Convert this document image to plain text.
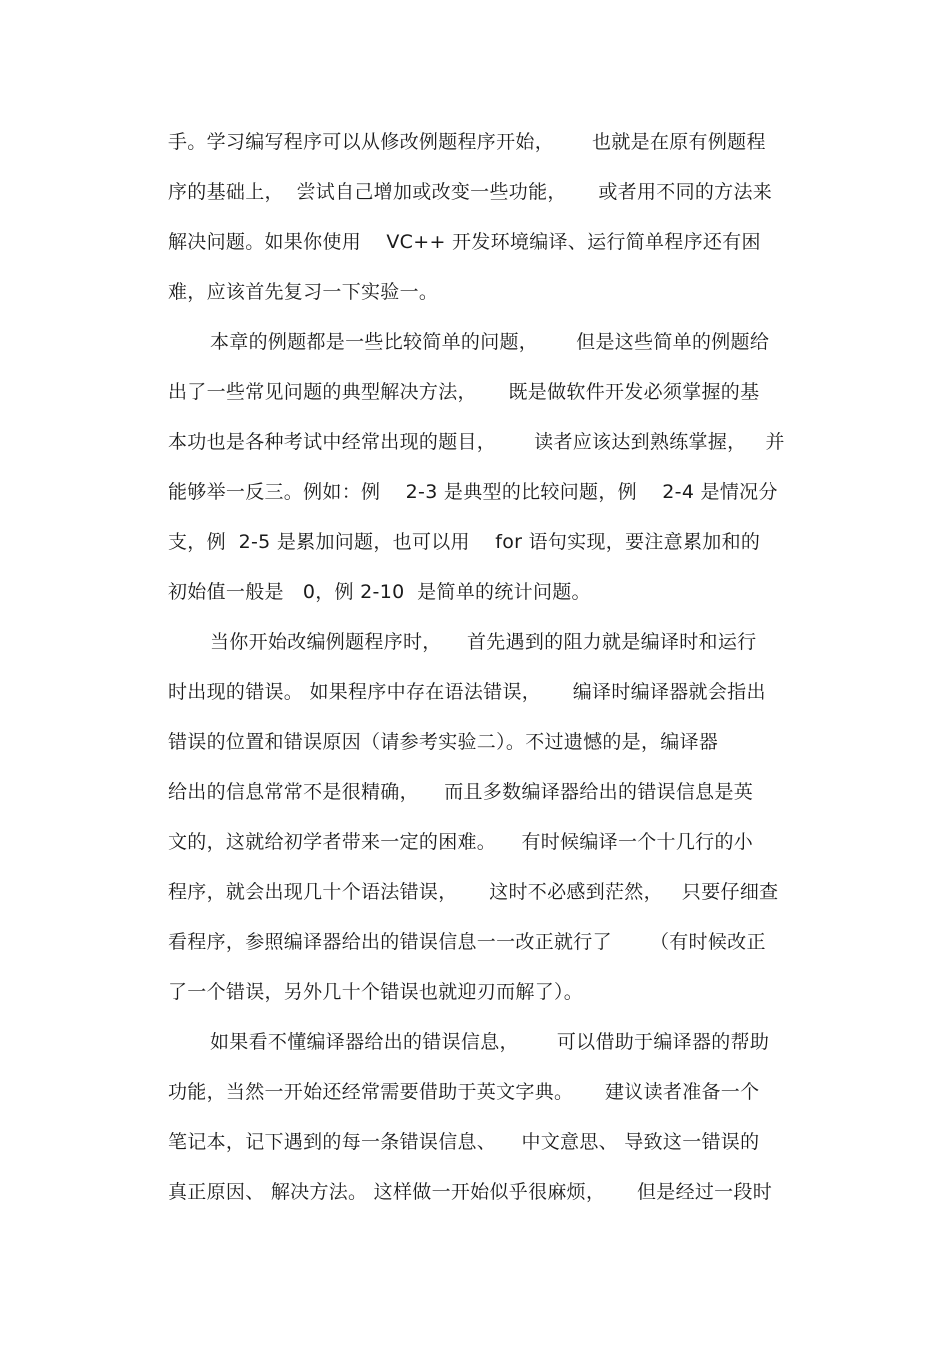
手。学习编写程序可以从修改例题程序开始，      也就是在原有例题程
序的基础上，  尝试自己增加或改变一些功能，     或者用不同的方法来
解决问题。如果你使用    VC++ 开发环境编译、运行简单程序还有困
难，应该首先复习一下实验一。
本章的例题都是一些比较简单的问题，      但是这些简单的例题给
出了一些常见问题的典型解决方法，     既是做软件开发必须掌握的基
本功也是各种考试中经常出现的题目，      读者应该达到熟练掌握，   并
能够举一反三。例如：例    2-3 是典型的比较问题，例    2-4 是情况分
支，例  2-5 是累加问题，也可以用    for 语句实现，要注意累加和的
初始值一般是   0，例 2-10  是简单的统计问题。
当你开始改编例题程序时，    首先遇到的阻力就是编译时和运行
时出现的错误。 如果程序中存在语法错误，     编译时编译器就会指出
错误的位置和错误原因（请参考实验二）。不过遗憾的是，编译器
给出的信息常常不是很精确，    而且多数编译器给出的错误信息是英
文的，这就给初学者带来一定的困难。    有时候编译一个十几行的小
程序，就会出现几十个语法错误，     这时不必感到茫然，   只要仔细查
看程序，参照编译器给出的错误信息一一改正就行了      （有时候改正
了一个错误，另外几十个错误也就迎刃而解了）。
如果看不懂编译器给出的错误信息，      可以借助于编译器的帮助
功能，当然一开始还经常需要借助于英文字典。     建议读者准备一个
笔记本，记下遇到的每一条错误信息、    中文意思、 导致这一错误的
真正原因、 解决方法。 这样做一开始似乎很麻烦，     但是经过一段时
